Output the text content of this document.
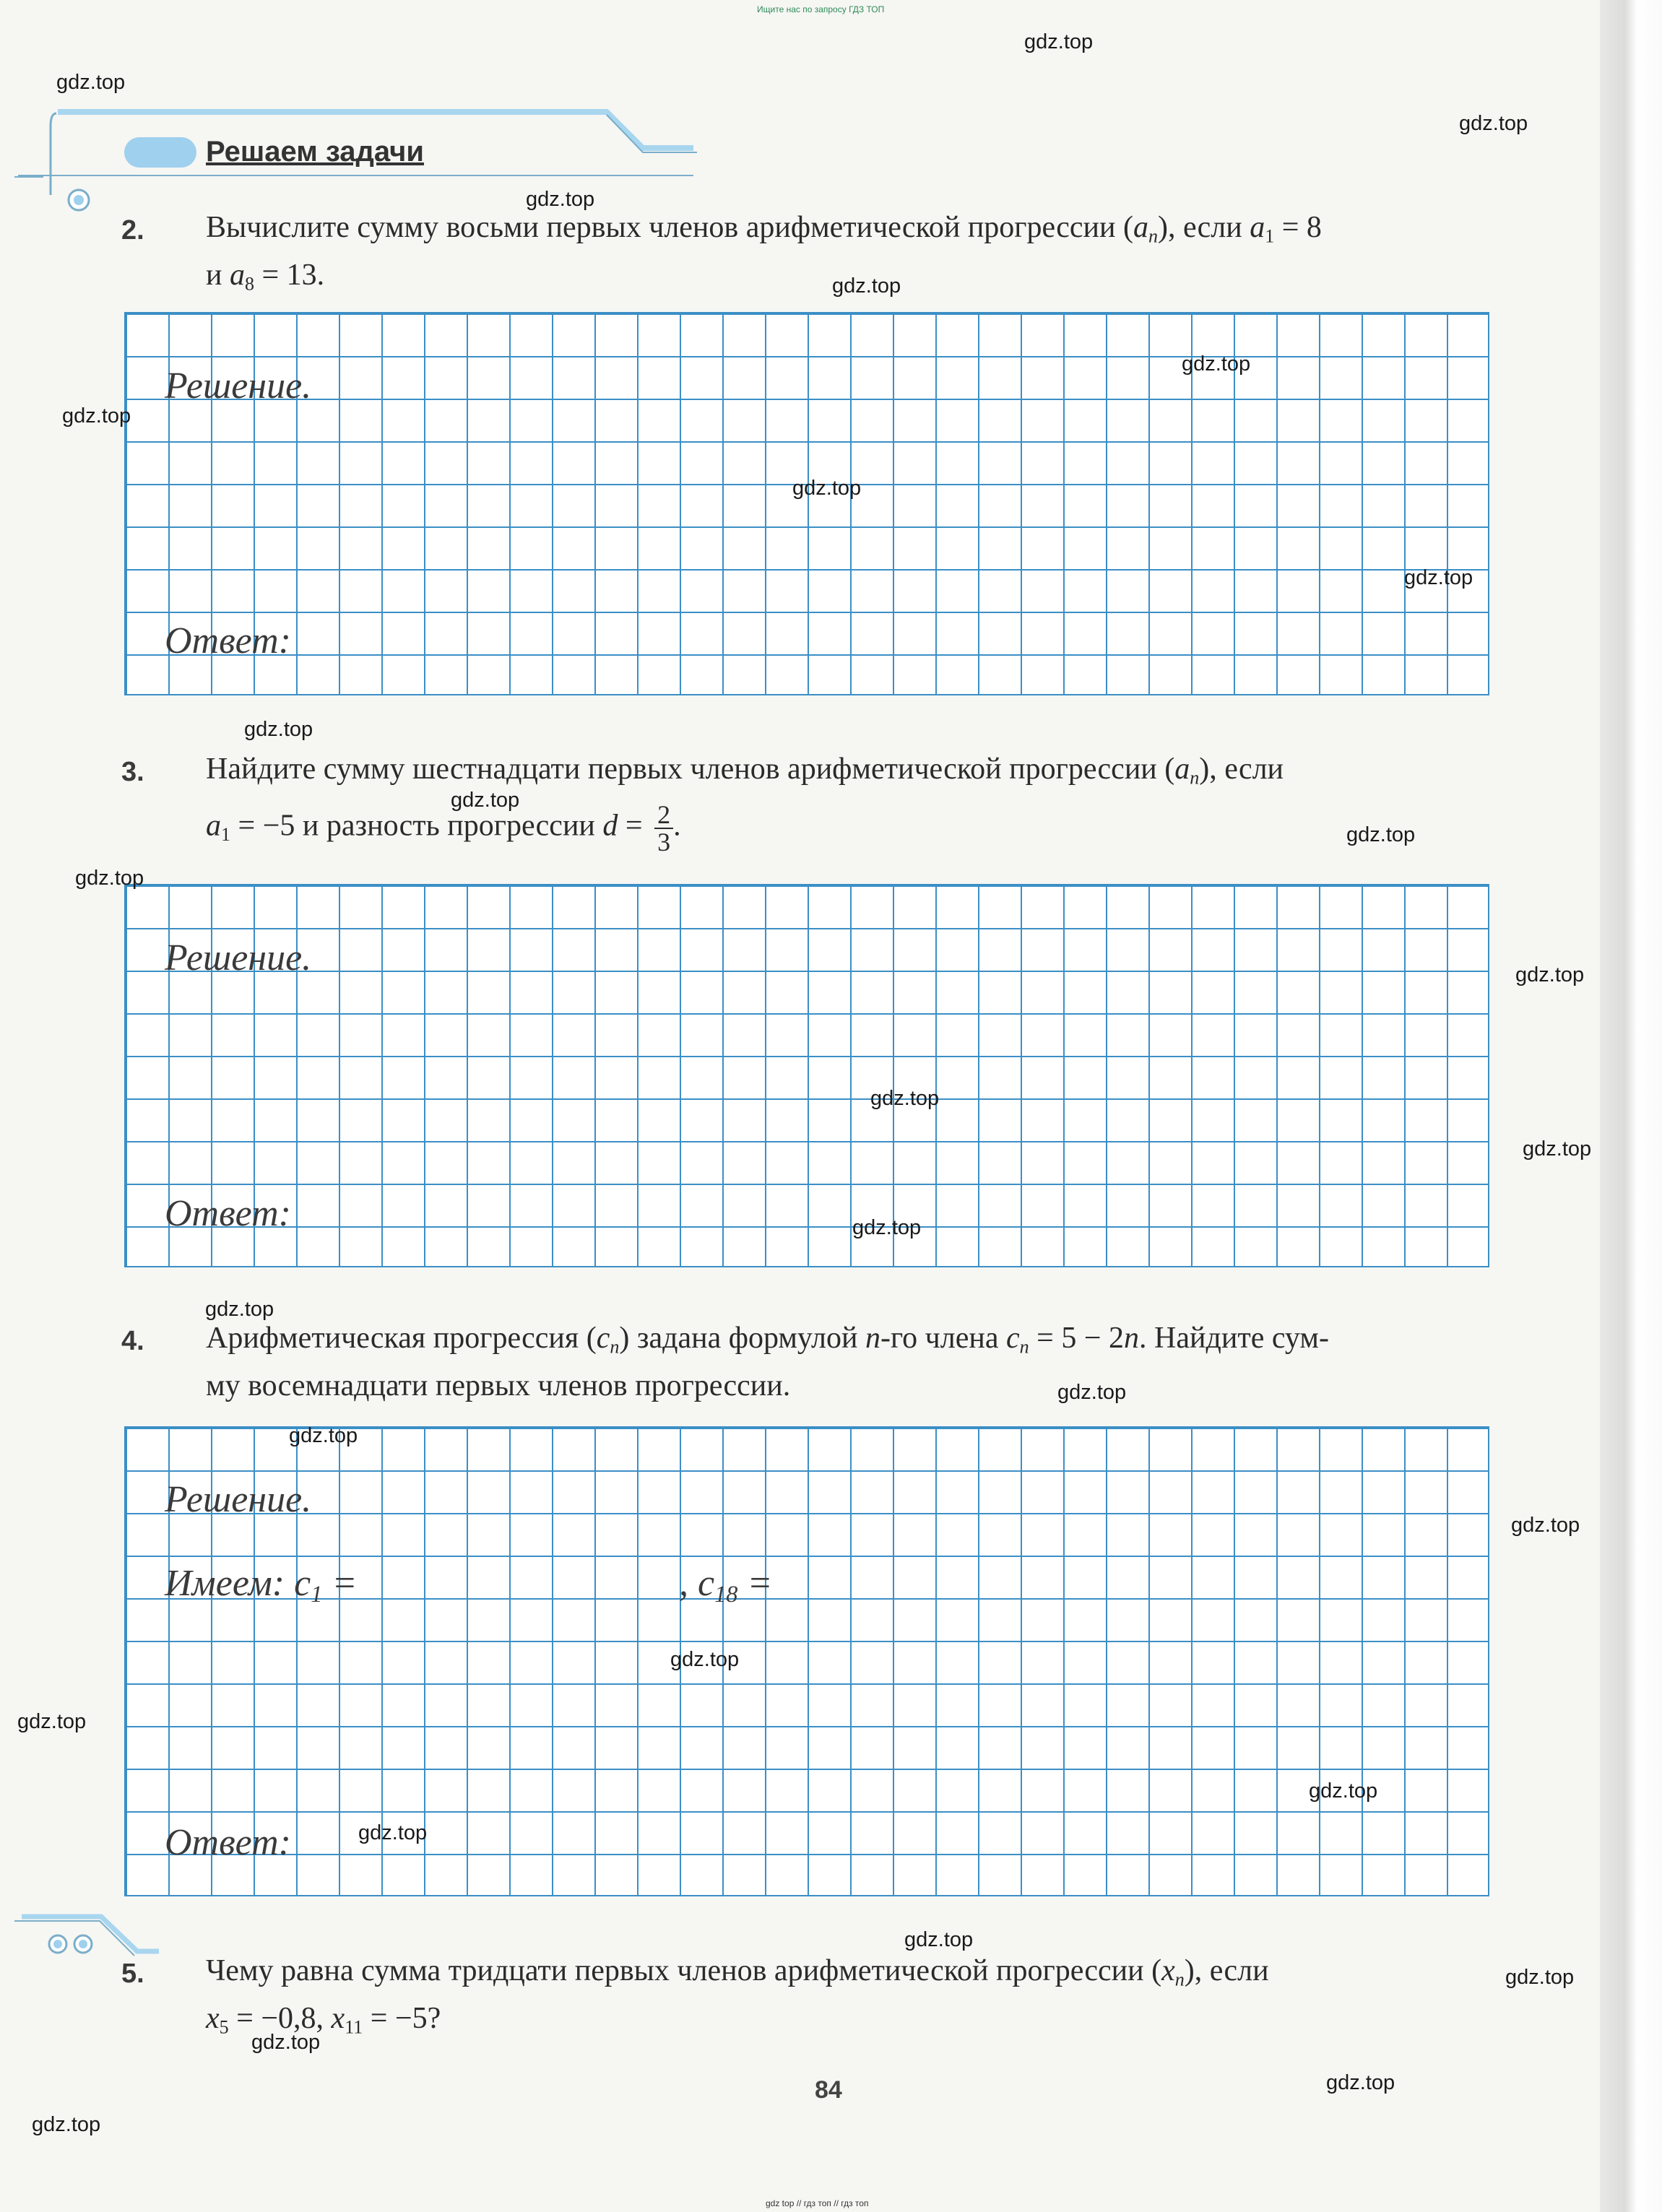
Ищите нас по запросу ГДЗ ТОП
Решаем задачи
2. Вычислите сумму восьми первых членов арифметической прогрессии $(a_n)$, если $a_1 = 8$
и $a_8 = 13$.
Решение.
Ответ:
3. Найдите сумму шестнадцати первых членов арифметической прогрессии $(a_n)$, если
$a_1 = -5$ и разность прогрессии $d = \frac{2}{3}$ .
Решение.
Ответ:
4. Арифметическая прогрессия $(c_n)$ задана формулой n-го члена $c_n = 5 - 2n$. Найдите сум-
му восемнадцати первых членов прогрессии.
Решение.
Имеем: $c_1$ =	, $c_{18}$ =
Ответ:
5. Чему равна сумма тридцати первых членов арифметической прогрессии $(x_n)$, если
$x_5 = -0,8$, $x_{11} = -5$?
84
gdz top // гдз топ // гдз топ
gdz.top
gdz.top
gdz.top
gdz.top
gdz.top
gdz.top
gdz.top
gdz.top
gdz.top
gdz.top
gdz.top
gdz.top
gdz.top
gdz.top
gdz.top
gdz.top
gdz.top
gdz.top
gdz.top
gdz.top
gdz.top
gdz.top
gdz.top
gdz.top
gdz.top
gdz.top
gdz.top
gdz.top
gdz.top
gdz.top
